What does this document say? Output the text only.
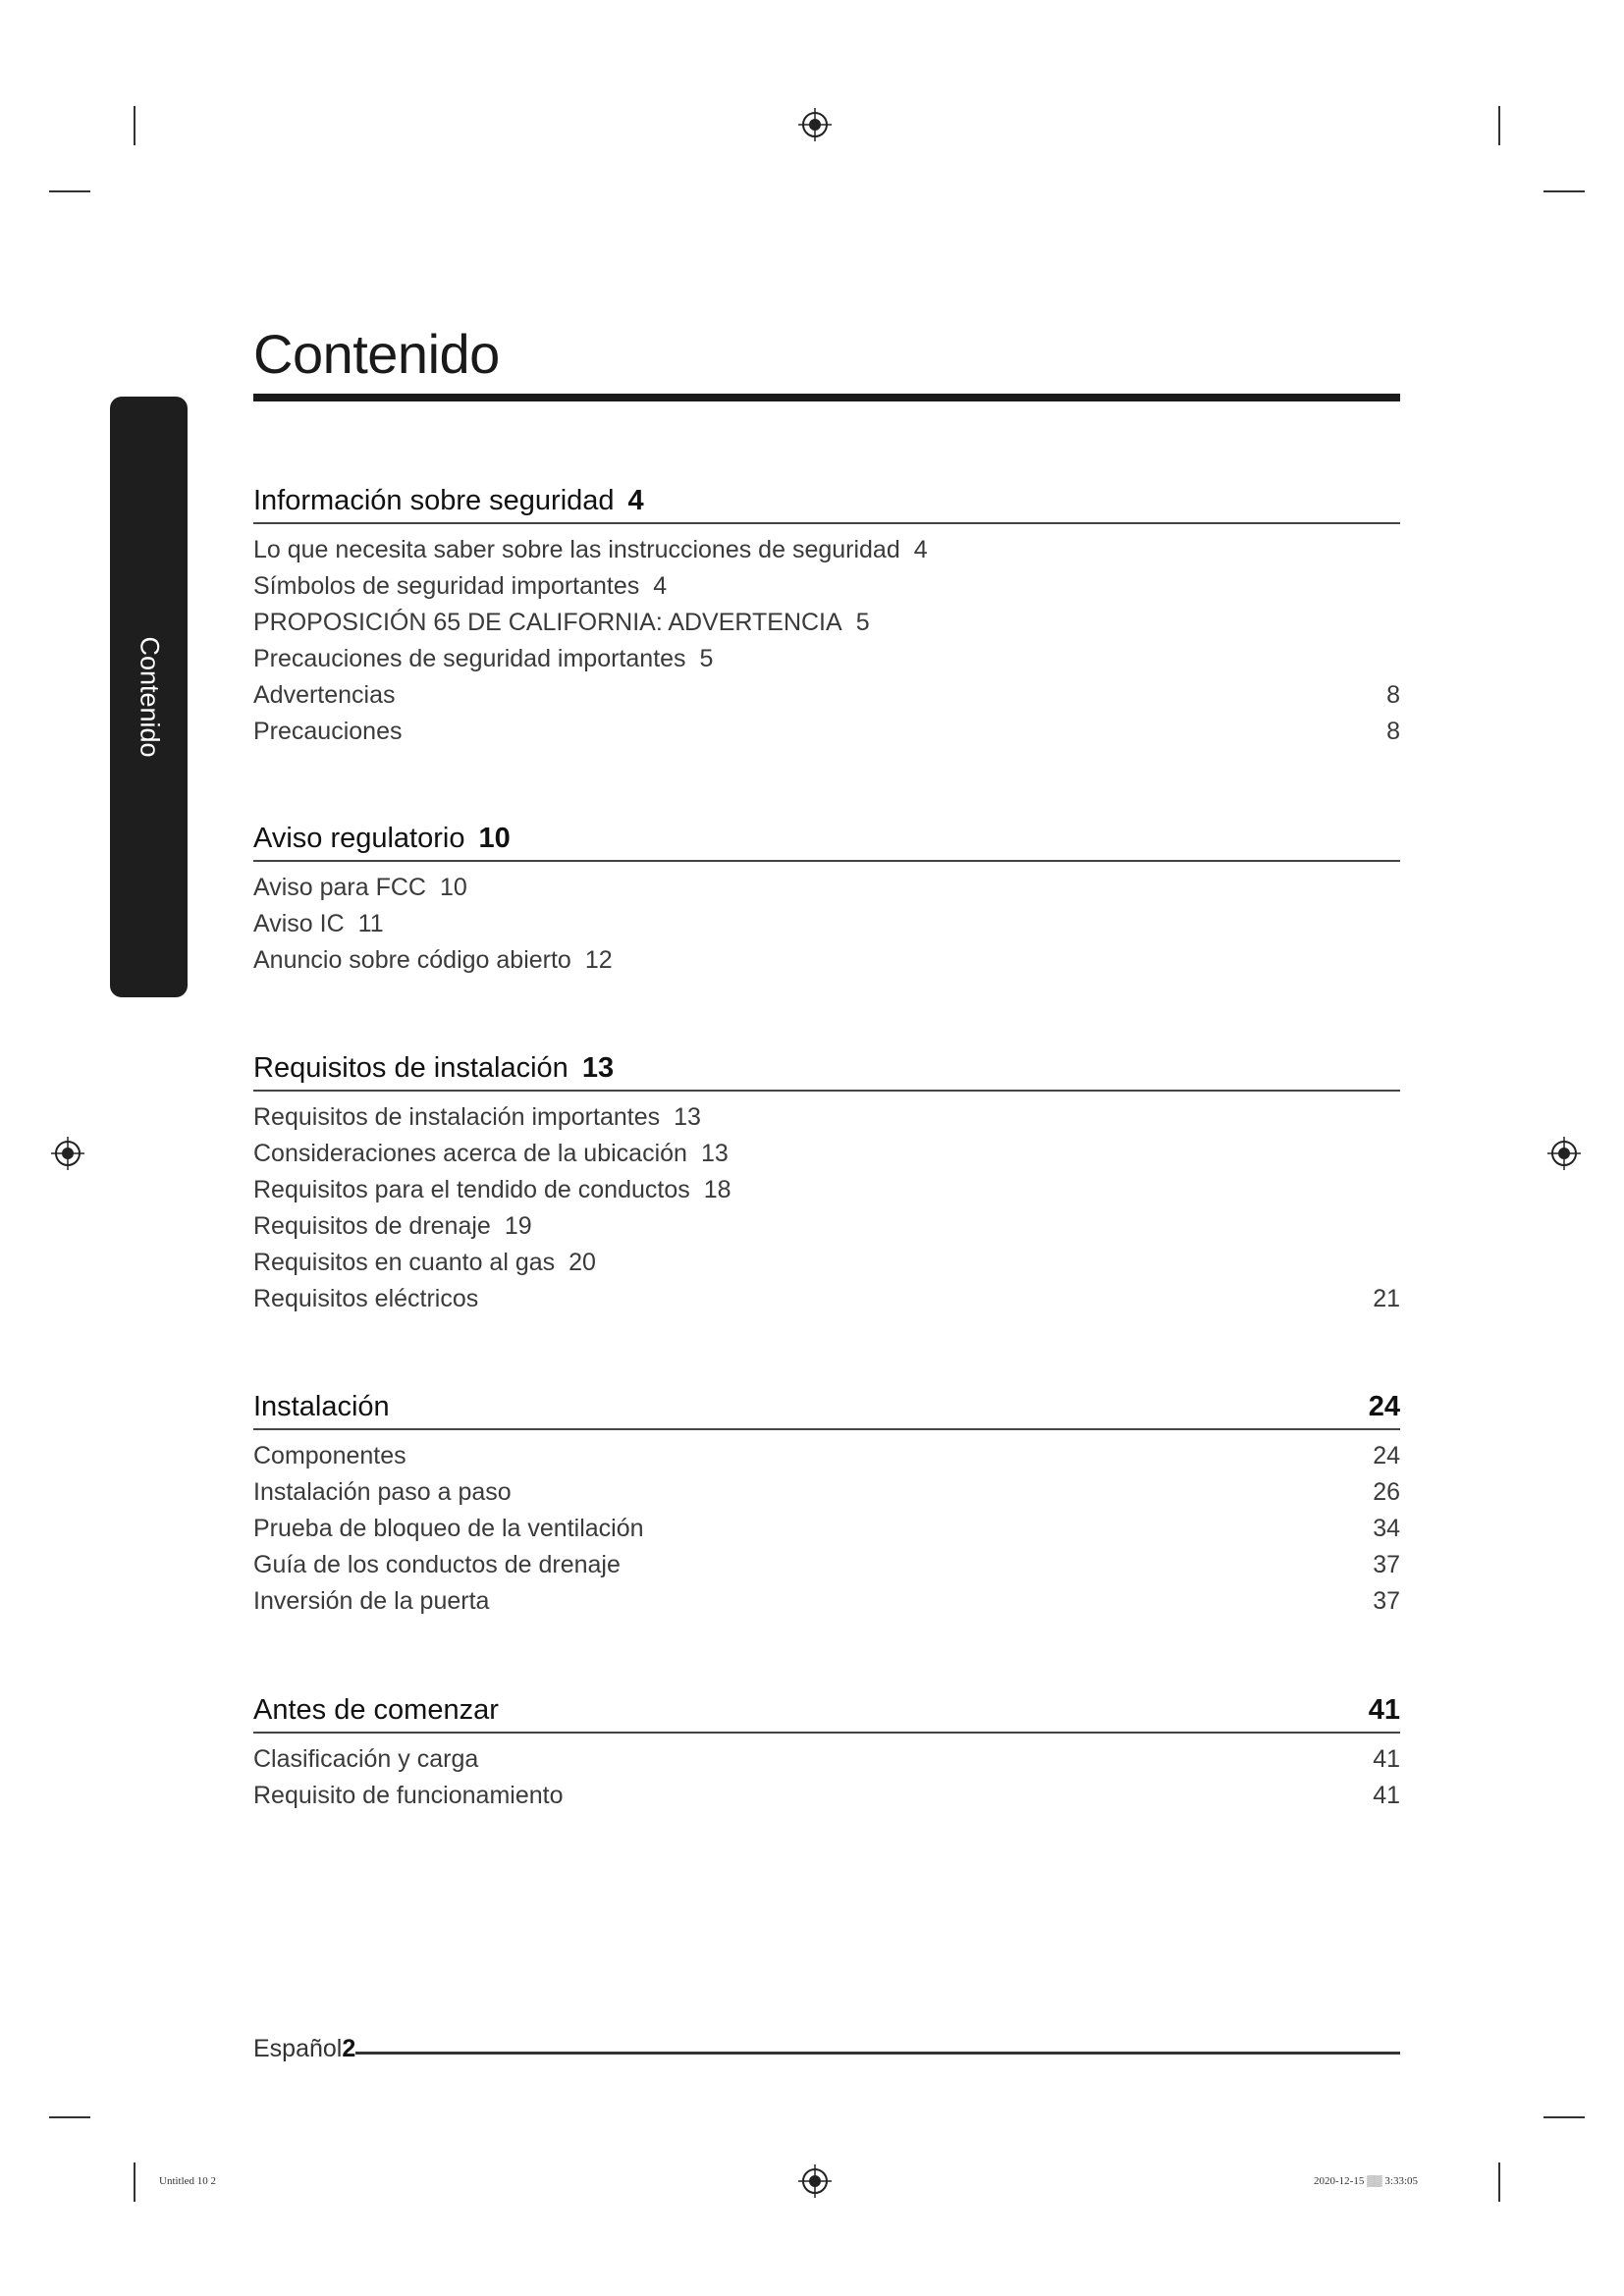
Contenido
Contenido
Información sobre seguridad 4
Lo que necesita saber sobre las instrucciones de seguridad 4
Símbolos de seguridad importantes 4
PROPOSICIÓN 65 DE CALIFORNIA: ADVERTENCIA 5
Precauciones de seguridad importantes 5
Advertencias	8
Precauciones	8
Aviso regulatorio 10
Aviso para FCC 10
Aviso IC 11
Anuncio sobre código abierto 12
Requisitos de instalación 13
Requisitos de instalación importantes 13
Consideraciones acerca de la ubicación 13
Requisitos para el tendido de conductos 18
Requisitos de drenaje 19
Requisitos en cuanto al gas 20
Requisitos eléctricos	21
Instalación	24
Componentes	24
Instalación paso a paso	26
Prueba de bloqueo de la ventilación	34
Guía de los conductos de drenaje	37
Inversión de la puerta	37
Antes de comenzar	41
Clasificación y carga	41
Requisito de funcionamiento	41
Español2
Untitled 10 2	2020-12-15 ▒▒ 3:33:05
